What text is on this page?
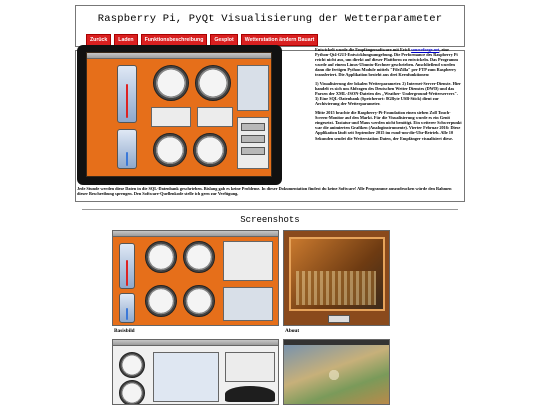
Raspberry Pi, PyQt Visualisierung der Wetterparameter
Zurück	Laden	Funktionsbeschreibung	Gesplot	Wetterstation ändern Bauart

Entwickelt wurde die Empfängersoftware mit Eric6 sourceforge.net, eine Python-Qt4-GUI-Entwicklungsumgebung. Die Performance des Raspberry Pi reicht nicht aus, um direkt auf dieser Plattform zu entwickeln. Das Programm wurde auf einem Linux-Ubuntu-Rechner geschrieben. Anschließend wurden dann die fertigen Python Module mittels "FileZilla" per FTP zum Raspberry transferiert. Die Applikation besteht aus drei Kernfunktionen:

1) Visualisierung der lokalen Wetterparameter. 2) Internet-Server-Dienste. Hier handelt es sich um Abfragen des Deutschen Wetter Dienstes (DWD) und das Parsen der XML-JSON-Dateien des „Weather- Underground-Wetterservers". 3) Eine SQL-Datenbank (Speicherort: 8GByte USB-Stick) dient zur Archivierung der Wetterparameter.

Mitte 2015 brachte die Raspberry-Pi-Foundation einen sieben Zoll Touch-Screen-Monitor auf den Markt. Für die Visualisierung wurde es ein Genit eingesetzt. Tastatur und Maus werden nicht benötigt. Ein weiterer Schwerpunkt war die animierten Grafiken (Analoginstrumente). Vierter Februar 2016: Diese Applikation läuft seit September 2015 im rund-um-die-Uhr-Betrieb. Alle 10 Sekunden sendet die Wetterstation Daten, der Empfänger visualisiert diese.

Jede Stunde werden diese Daten in die SQL-Datenbank geschrieben. Bislang gab es keine Probleme. In dieser Dokumentation findest du keine Software! Alle Programme auszudrucken würde den Rahmen dieser Beschreibung sprengen. Den Software-Quellenkode stelle ich gern zur Verfügung.
Screenshots
Basisbild	About
